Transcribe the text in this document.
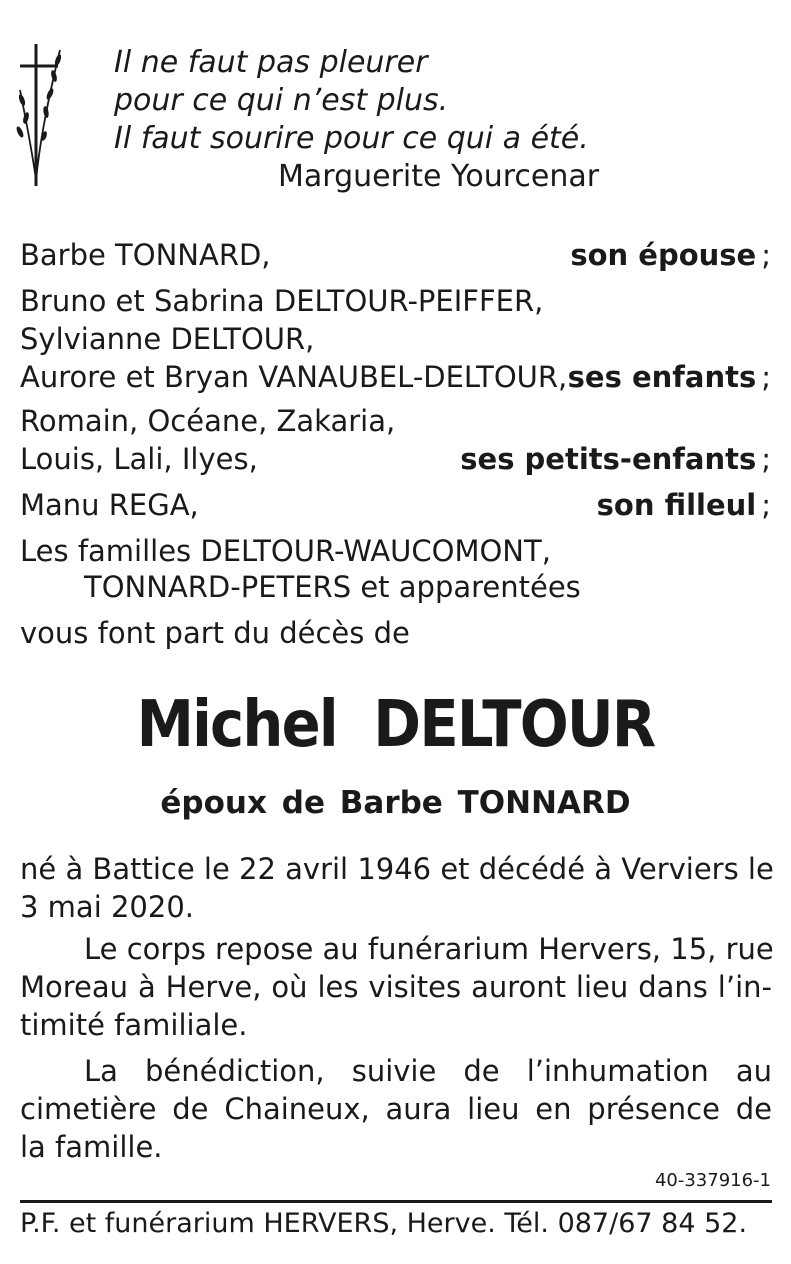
Il ne faut pas pleurer
pour ce qui n’est plus.
Il faut sourire pour ce qui a été.
Marguerite Yourcenar
Barbe TONNARD,	son épouse ;
Bruno et Sabrina DELTOUR-PEIFFER,
Sylvianne DELTOUR,
Aurore et Bryan VANAUBEL-DELTOUR, ses enfants ;
Romain, Océane, Zakaria,
Louis, Lali, Ilyes,	ses petits-enfants ;
Manu REGA,	son filleul ;
Les familles DELTOUR-WAUCOMONT,
TONNARD-PETERS et apparentées
vous font part du décès de
Michel DELTOUR
époux de Barbe TONNARD
né à Battice le 22 avril 1946 et décédé à Verviers le
3 mai 2020.
Le corps repose au funérarium Hervers, 15, rue
Moreau à Herve, où les visites auront lieu dans l’in-
timité familiale.
La bénédiction, suivie de l’inhumation au
cimetière de Chaineux, aura lieu en présence de
la famille.
40-337916-1
P.F. et funérarium HERVERS, Herve. Tél. 087/67 84 52.
